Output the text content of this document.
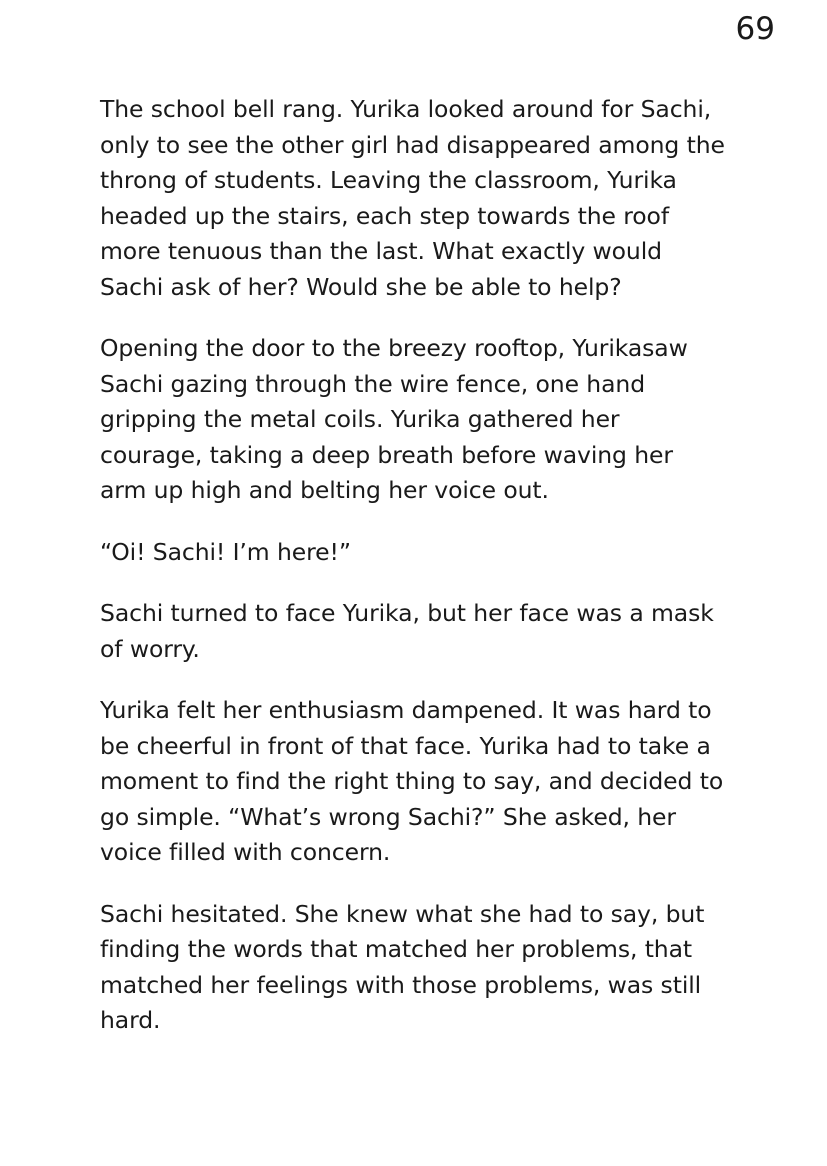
69

The school bell rang. Yurika looked around for Sachi, only to see the other girl had disappeared among the throng of students. Leaving the classroom, Yurika headed up the stairs, each step towards the roof more tenuous than the last. What exactly would Sachi ask of her? Would she be able to help?

Opening the door to the breezy rooftop, Yurikasaw Sachi gazing through the wire fence, one hand gripping the metal coils. Yurika gathered her courage, taking a deep breath before waving her arm up high and belting her voice out.

“Oi! Sachi! I’m here!”

Sachi turned to face Yurika, but her face was a mask of worry.

Yurika felt her enthusiasm dampened. It was hard to be cheerful in front of that face. Yurika had to take a moment to find the right thing to say, and decided to go simple. “What’s wrong Sachi?” She asked, her voice filled with concern.

Sachi hesitated. She knew what she had to say, but finding the words that matched her problems, that matched her feelings with those problems, was still hard.
